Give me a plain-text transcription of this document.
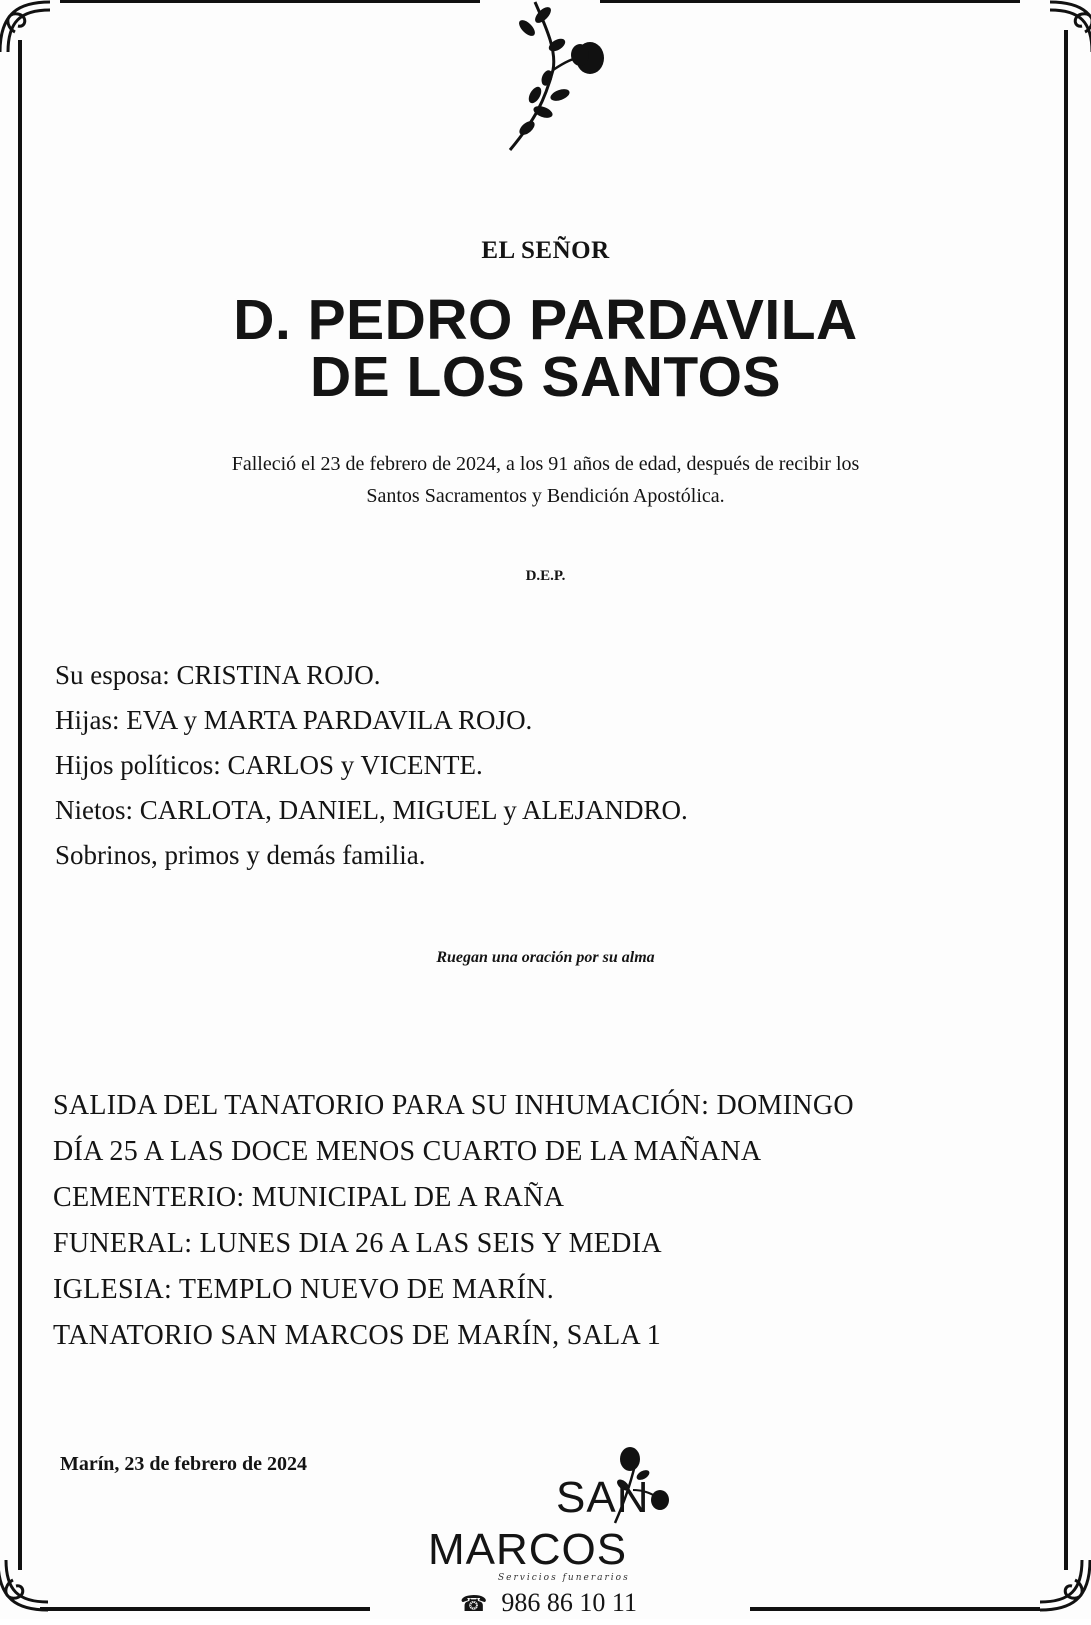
EL SEÑOR
D. PEDRO PARDAVILA
DE LOS SANTOS
Falleció el 23 de febrero de 2024, a los 91 años de edad, después de recibir los
Santos Sacramentos y Bendición Apostólica.
D.E.P.
Su esposa: CRISTINA ROJO.
Hijas: EVA y MARTA PARDAVILA ROJO.
Hijos políticos: CARLOS y VICENTE.
Nietos: CARLOTA, DANIEL, MIGUEL y ALEJANDRO.
Sobrinos, primos y demás familia.
Ruegan una oración por su alma
SALIDA DEL TANATORIO PARA SU INHUMACIÓN: DOMINGO
DÍA 25 A LAS DOCE MENOS CUARTO DE LA MAÑANA
CEMENTERIO: MUNICIPAL DE A RAÑA
FUNERAL: LUNES DIA 26 A LAS SEIS Y MEDIA
IGLESIA: TEMPLO NUEVO DE MARÍN.
TANATORIO SAN MARCOS DE MARÍN, SALA 1
Marín, 23 de febrero de 2024
SAN
MARCOS
Servicios funerarios
☎ 986 86 10 11
